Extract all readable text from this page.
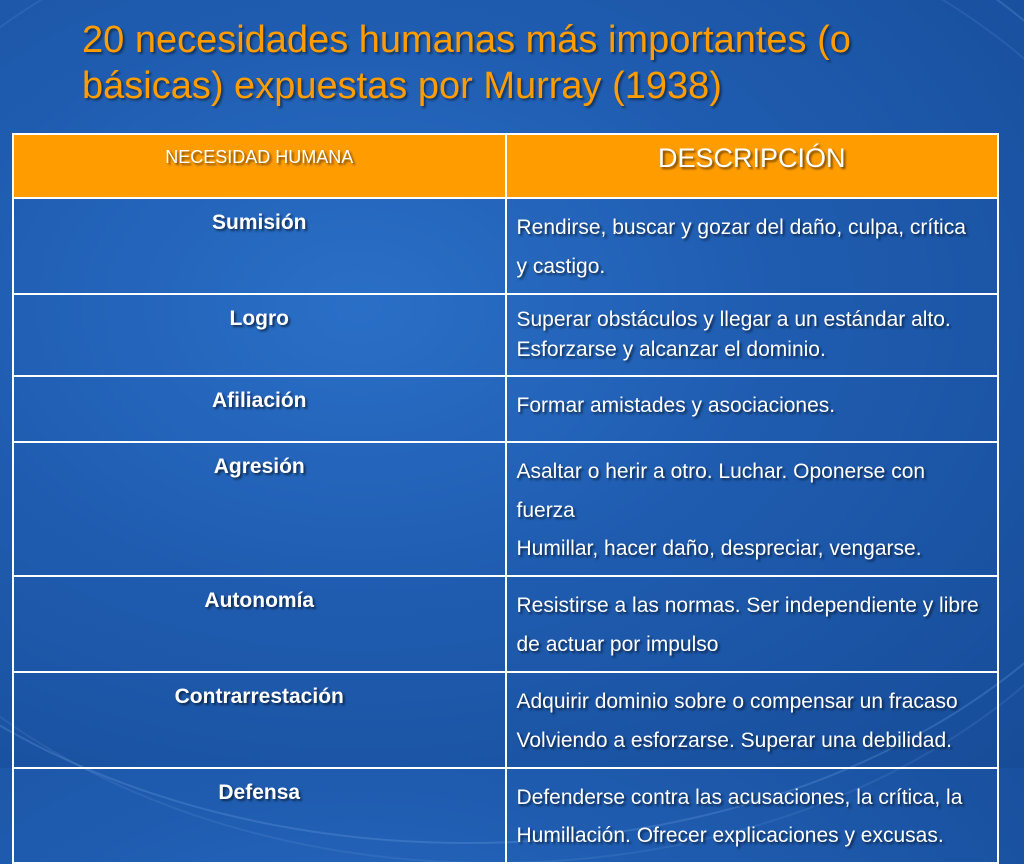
20 necesidades humanas más importantes (o básicas) expuestas por Murray (1938)
NECESIDAD HUMANA	DESCRIPCIÓN
Sumisión	Rendirse, buscar y gozar del daño, culpa, crítica
y castigo.

Logro	Superar obstáculos y llegar a un estándar alto.
Esforzarse y alcanzar el dominio.

Afiliación	Formar amistades y asociaciones.

Agresión	Asaltar o herir a otro. Luchar. Oponerse con fuerza
Humillar, hacer daño, despreciar, vengarse.

Autonomía	Resistirse a las normas. Ser independiente y libre
de actuar por impulso

Contrarrestación	Adquirir dominio sobre o compensar un fracaso
Volviendo a esforzarse. Superar una debilidad.

Defensa	Defenderse contra las acusaciones, la crítica, la
Humillación. Ofrecer explicaciones y excusas.
